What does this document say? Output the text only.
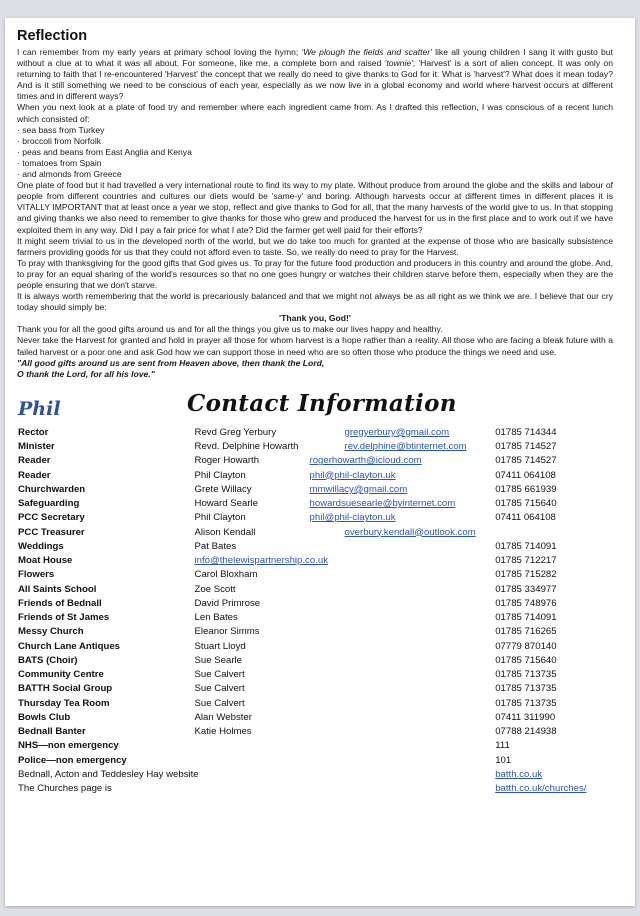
Reflection

I can remember from my early years at primary school loving the hymn; 'We plough the fields and scatter' like all young children I sang it with gusto but without a clue at to what it was all about. For someone, like me, a complete born and raised 'townie'; 'Harvest' is a sort of alien concept. It was only on returning to faith that I re-encountered 'Harvest' the concept that we really do need to give thanks to God for it. What is 'harvest'? What does it mean today? And is it still something we need to be conscious of each year, especially as we now live in a global economy and world where harvest occurs at different times and in different ways?

When you next look at a plate of food try and remember where each ingredient came from. As I drafted this reflection, I was conscious of a recent lunch which consisted of:

· sea bass from Turkey

· broccoli from Norfolk

· peas and beans from East Anglia and Kenya

· tomatoes from Spain

· and almonds from Greece

One plate of food but it had travelled a very international route to find its way to my plate. Without produce from around the globe and the skills and labour of people from different countries and cultures our diets would be 'same-y' and boring. Although harvests occur at different times in different places it is VITALLY IMPORTANT that at least once a year we stop, reflect and give thanks to God for all, that the many harvests of the world give to us. In that stopping and giving thanks we also need to remember to give thanks for those who grew and produced the harvest for us in the first place and to work out if we have exploited them in any way. Did I pay a fair price for what I ate? Did the farmer get well paid for their efforts?

It might seem trivial to us in the developed north of the world, but we do take too much for granted at the expense of those who are basically subsistence farmers providing goods for us that they could not afford even to taste. So, we really do need to pray for the Harvest.

To pray with thanksgiving for the good gifts that God gives us. To pray for the future food production and producers in this country and around the globe. And, to pray for an equal sharing of the world's resources so that no one goes hungry or watches their children starve before them, especially when they are the people ensuring that we don't starve.

It is always worth remembering that the world is precariously balanced and that we might not always be as all right as we think we are. I believe that our cry today should simply be:

'Thank you, God!'

Thank you for all the good gifts around us and for all the things you give us to make our lives happy and healthy.

Never take the Harvest for granted and hold in prayer all those for whom harvest is a hope rather than a reality. All those who are facing a bleak future with a failed harvest or a poor one and ask God how we can support those in need who are so often those who produce the things we need and use.

"All good gifts around us are sent from Heaven above, then thank the Lord,

O thank the Lord, for all his love."

Phil	Contact Information
Rector	Revd Greg Yerbury gregyerbury@gmail.com	01785 714344
Minister	Revd. Delphine Howarth rev.delphine@btinternet.com	01785 714527
Reader	Roger Howarth rogerhowarth@icloud.com	01785 714527
Reader	Phil Clayton phil@phil-clayton.uk	07411 064108
Churchwarden	Grete Willacy mmwillacy@gmail.com	01785 661939
Safeguarding	Howard Searle howardsuesearle@byinternet.com	01785 715640
PCC Secretary	Phil Clayton phil@phil-clayton.uk	07411 064108
PCC Treasurer	Alison Kendall overbury.kendall@outlook.com	
Weddings	Pat Bates	01785 714091
Moat House	info@thelewispartnership.co.uk	01785 712217
Flowers	Carol Bloxham	01785 715282
All Saints School	Zoe Scott	01785 334977
Friends of Bednall	David Primrose	01785 748976
Friends of St James	Len Bates	01785 714091
Messy Church	Eleanor Simms	01785 716265
Church Lane Antiques	Stuart Lloyd	07779 870140
BATS (Choir)	Sue Searle	01785 715640
Community Centre	Sue Calvert	01785 713735
BATTH Social Group	Sue Calvert	01785 713735
Thursday Tea Room	Sue Calvert	01785 713735
Bowls Club	Alan Webster	07411 311990
Bednall Banter	Katie Holmes	07788 214938
NHS—non emergency		111
Police—non emergency		101
Bednall, Acton and Teddesley Hay website		batth.co.uk
The Churches page is		batth.co.uk/churches/
